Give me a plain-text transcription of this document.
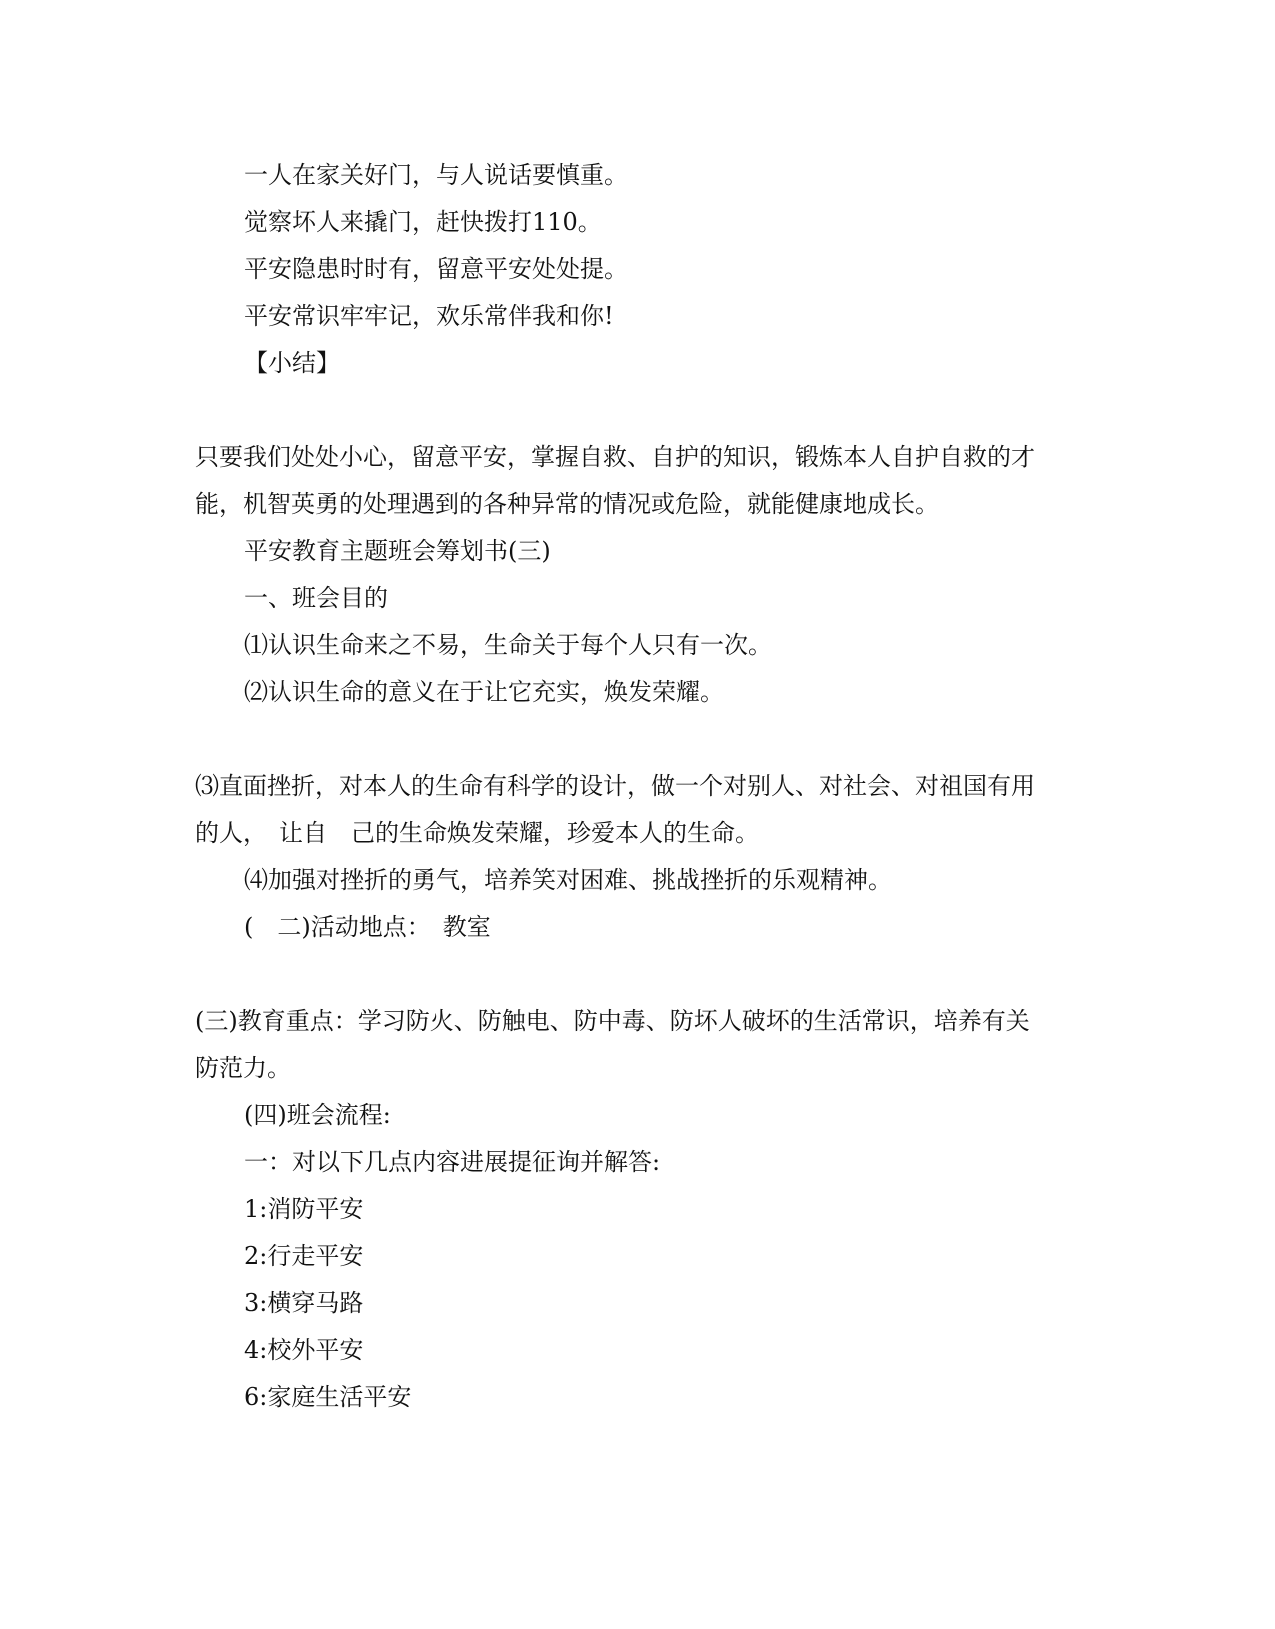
一人在家关好门，与人说话要慎重。
觉察坏人来撬门，赶快拨打110。
平安隐患时时有，留意平安处处提。
平安常识牢牢记，欢乐常伴我和你!
【小结】
只要我们处处小心，留意平安，掌握自救、自护的知识，锻炼本人自护自救的才
能，机智英勇的处理遇到的各种异常的情况或危险，就能健康地成长。
平安教育主题班会筹划书(三)
一、班会目的
⑴认识生命来之不易，生命关于每个人只有一次。
⑵认识生命的意义在于让它充实，焕发荣耀。
⑶直面挫折，对本人的生命有科学的设计，做一个对别人、对社会、对祖国有用
的人，　让自　己的生命焕发荣耀，珍爱本人的生命。
⑷加强对挫折的勇气，培养笑对困难、挑战挫折的乐观精神。
(　二)活动地点：　教室
(三)教育重点：学习防火、防触电、防中毒、防坏人破坏的生活常识，培养有关
防范力。
(四)班会流程:
一：对以下几点内容进展提征询并解答:
1:消防平安
2:行走平安
3:横穿马路
4:校外平安
6:家庭生活平安
